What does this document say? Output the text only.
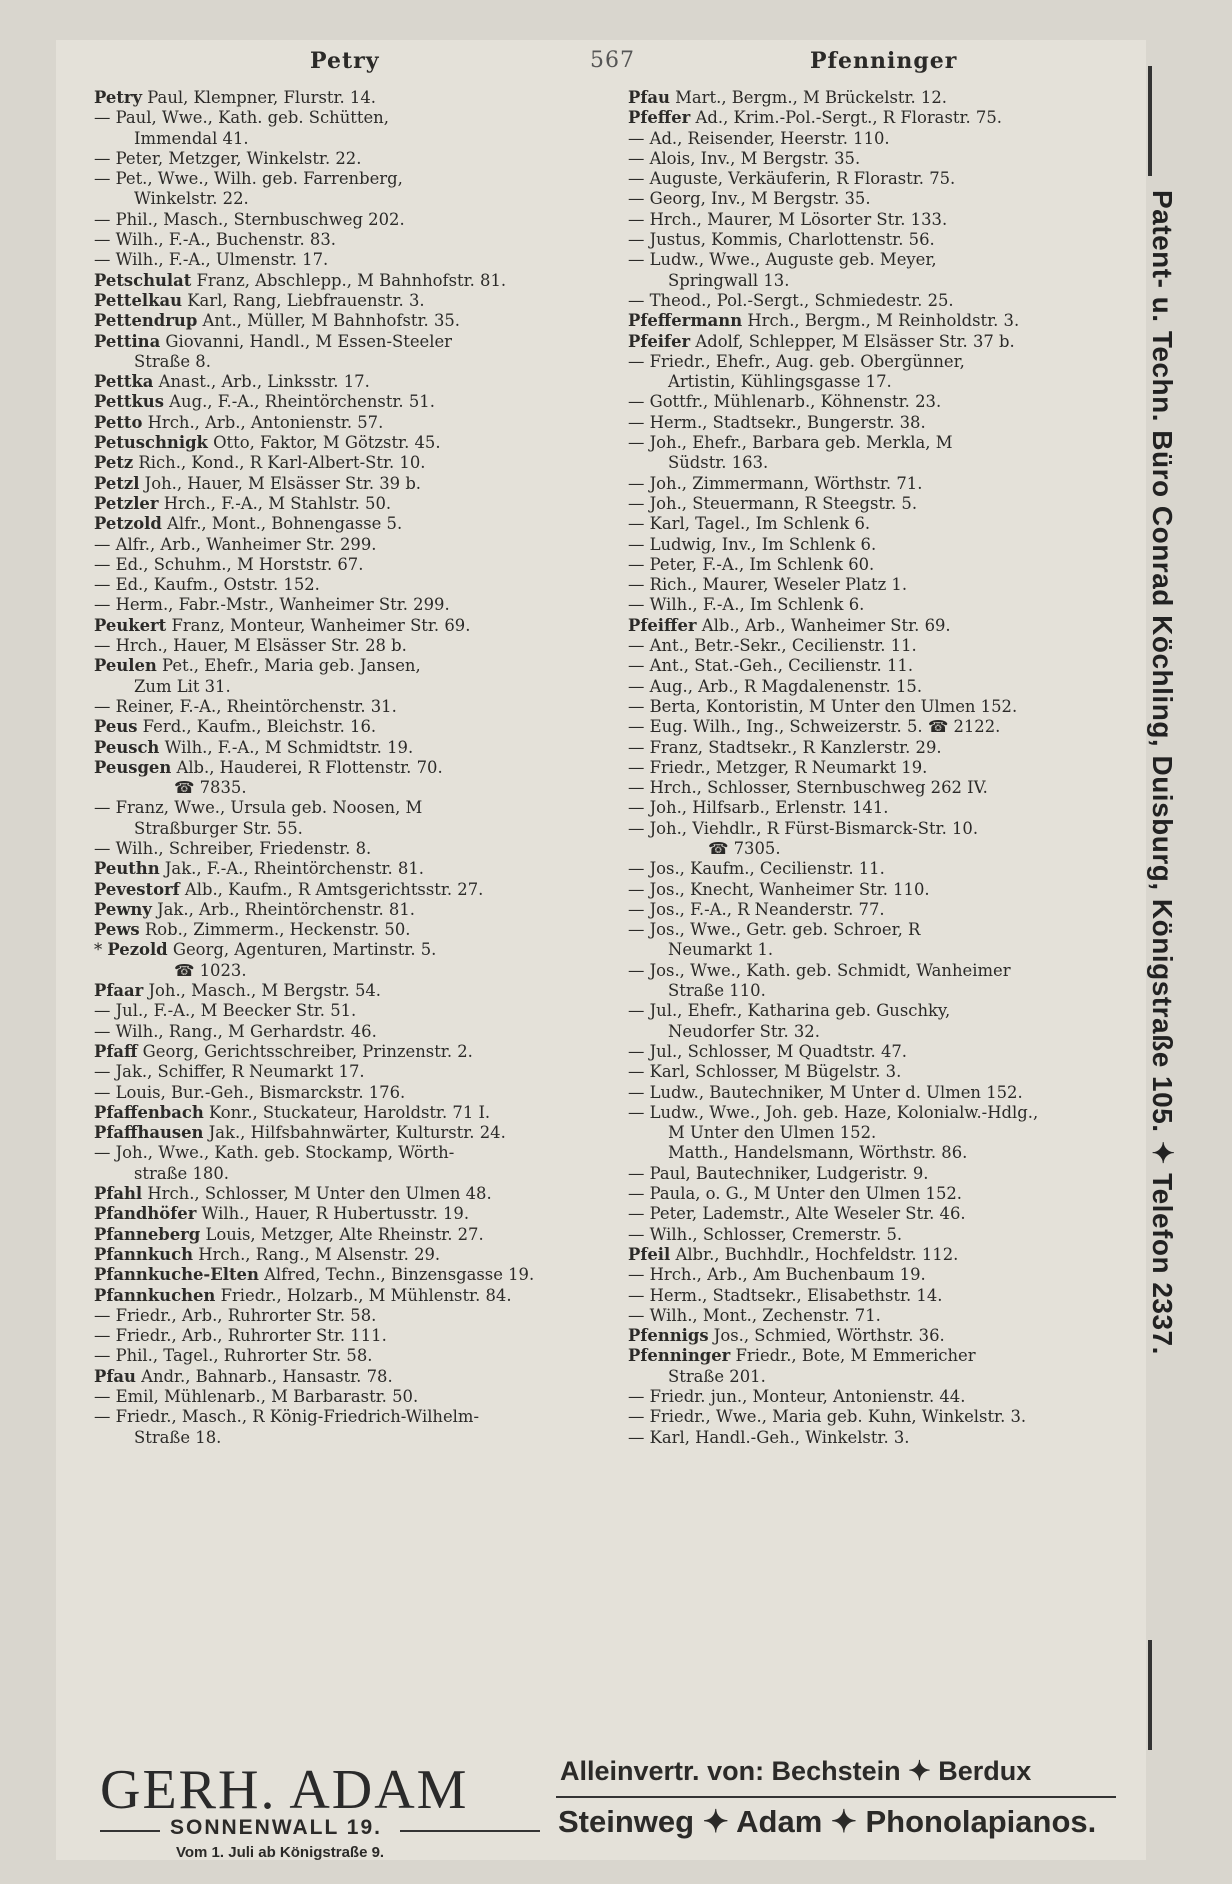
Petry	567	Pfenninger
Petry Paul, Klempner, Flurstr. 14.
— Paul, Wwe., Kath. geb. Schütten,
Immendal 41.
— Peter, Metzger, Winkelstr. 22.
— Pet., Wwe., Wilh. geb. Farrenberg,
Winkelstr. 22.
— Phil., Masch., Sternbuschweg 202.
— Wilh., F.-A., Buchenstr. 83.
— Wilh., F.-A., Ulmenstr. 17.
Petschulat Franz, Abschlepp., M Bahnhofstr. 81.
Pettelkau Karl, Rang, Liebfrauenstr. 3.
Pettendrup Ant., Müller, M Bahnhofstr. 35.
Pettina Giovanni, Handl., M Essen-Steeler
Straße 8.
Pettka Anast., Arb., Linksstr. 17.
Pettkus Aug., F.-A., Rheintörchenstr. 51.
Petto Hrch., Arb., Antonienstr. 57.
Petuschnigk Otto, Faktor, M Götzstr. 45.
Petz Rich., Kond., R Karl-Albert-Str. 10.
Petzl Joh., Hauer, M Elsässer Str. 39 b.
Petzler Hrch., F.-A., M Stahlstr. 50.
Petzold Alfr., Mont., Bohnengasse 5.
— Alfr., Arb., Wanheimer Str. 299.
— Ed., Schuhm., M Horststr. 67.
— Ed., Kaufm., Oststr. 152.
— Herm., Fabr.-Mstr., Wanheimer Str. 299.
Peukert Franz, Monteur, Wanheimer Str. 69.
— Hrch., Hauer, M Elsässer Str. 28 b.
Peulen Pet., Ehefr., Maria geb. Jansen,
Zum Lit 31.
— Reiner, F.-A., Rheintörchenstr. 31.
Peus Ferd., Kaufm., Bleichstr. 16.
Peusch Wilh., F.-A., M Schmidtstr. 19.
Peusgen Alb., Hauderei, R Flottenstr. 70.
☎ 7835.
— Franz, Wwe., Ursula geb. Noosen, M
Straßburger Str. 55.
— Wilh., Schreiber, Friedenstr. 8.
Peuthn Jak., F.-A., Rheintörchenstr. 81.
Pevestorf Alb., Kaufm., R Amtsgerichtsstr. 27.
Pewny Jak., Arb., Rheintörchenstr. 81.
Pews Rob., Zimmerm., Heckenstr. 50.
* Pezold Georg, Agenturen, Martinstr. 5.
☎ 1023.
Pfaar Joh., Masch., M Bergstr. 54.
— Jul., F.-A., M Beecker Str. 51.
— Wilh., Rang., M Gerhardstr. 46.
Pfaff Georg, Gerichtsschreiber, Prinzenstr. 2.
— Jak., Schiffer, R Neumarkt 17.
— Louis, Bur.-Geh., Bismarckstr. 176.
Pfaffenbach Konr., Stuckateur, Haroldstr. 71 I.
Pfaffhausen Jak., Hilfsbahnwärter, Kulturstr. 24.
— Joh., Wwe., Kath. geb. Stockamp, Wörth-
straße 180.
Pfahl Hrch., Schlosser, M Unter den Ulmen 48.
Pfandhöfer Wilh., Hauer, R Hubertusstr. 19.
Pfanneberg Louis, Metzger, Alte Rheinstr. 27.
Pfannkuch Hrch., Rang., M Alsenstr. 29.
Pfannkuche-Elten Alfred, Techn., Binzensgasse 19.
Pfannkuchen Friedr., Holzarb., M Mühlenstr. 84.
— Friedr., Arb., Ruhrorter Str. 58.
— Friedr., Arb., Ruhrorter Str. 111.
— Phil., Tagel., Ruhrorter Str. 58.
Pfau Andr., Bahnarb., Hansastr. 78.
— Emil, Mühlenarb., M Barbarastr. 50.
— Friedr., Masch., R König-Friedrich-Wilhelm-
Straße 18.
Pfau Mart., Bergm., M Brückelstr. 12.
Pfeffer Ad., Krim.-Pol.-Sergt., R Florastr. 75.
— Ad., Reisender, Heerstr. 110.
— Alois, Inv., M Bergstr. 35.
— Auguste, Verkäuferin, R Florastr. 75.
— Georg, Inv., M Bergstr. 35.
— Hrch., Maurer, M Lösorter Str. 133.
— Justus, Kommis, Charlottenstr. 56.
— Ludw., Wwe., Auguste geb. Meyer,
Springwall 13.
— Theod., Pol.-Sergt., Schmiedestr. 25.
Pfeffermann Hrch., Bergm., M Reinholdstr. 3.
Pfeifer Adolf, Schlepper, M Elsässer Str. 37 b.
— Friedr., Ehefr., Aug. geb. Obergünner,
Artistin, Kühlingsgasse 17.
— Gottfr., Mühlenarb., Köhnenstr. 23.
— Herm., Stadtsekr., Bungerstr. 38.
— Joh., Ehefr., Barbara geb. Merkla, M
Südstr. 163.
— Joh., Zimmermann, Wörthstr. 71.
— Joh., Steuermann, R Steegstr. 5.
— Karl, Tagel., Im Schlenk 6.
— Ludwig, Inv., Im Schlenk 6.
— Peter, F.-A., Im Schlenk 60.
— Rich., Maurer, Weseler Platz 1.
— Wilh., F.-A., Im Schlenk 6.
Pfeiffer Alb., Arb., Wanheimer Str. 69.
— Ant., Betr.-Sekr., Cecilienstr. 11.
— Ant., Stat.-Geh., Cecilienstr. 11.
— Aug., Arb., R Magdalenenstr. 15.
— Berta, Kontoristin, M Unter den Ulmen 152.
— Eug. Wilh., Ing., Schweizerstr. 5. ☎ 2122.
— Franz, Stadtsekr., R Kanzlerstr. 29.
— Friedr., Metzger, R Neumarkt 19.
— Hrch., Schlosser, Sternbuschweg 262 IV.
— Joh., Hilfsarb., Erlenstr. 141.
— Joh., Viehdlr., R Fürst-Bismarck-Str. 10.
☎ 7305.
— Jos., Kaufm., Cecilienstr. 11.
— Jos., Knecht, Wanheimer Str. 110.
— Jos., F.-A., R Neanderstr. 77.
— Jos., Wwe., Getr. geb. Schroer, R
Neumarkt 1.
— Jos., Wwe., Kath. geb. Schmidt, Wanheimer
Straße 110.
— Jul., Ehefr., Katharina geb. Guschky,
Neudorfer Str. 32.
— Jul., Schlosser, M Quadtstr. 47.
— Karl, Schlosser, M Bügelstr. 3.
— Ludw., Bautechniker, M Unter d. Ulmen 152.
— Ludw., Wwe., Joh. geb. Haze, Kolonialw.-Hdlg.,
M Unter den Ulmen 152.
Matth., Handelsmann, Wörthstr. 86.
— Paul, Bautechniker, Ludgeristr. 9.
— Paula, o. G., M Unter den Ulmen 152.
— Peter, Lademstr., Alte Weseler Str. 46.
— Wilh., Schlosser, Cremerstr. 5.
Pfeil Albr., Buchhdlr., Hochfeldstr. 112.
— Hrch., Arb., Am Buchenbaum 19.
— Herm., Stadtsekr., Elisabethstr. 14.
— Wilh., Mont., Zechenstr. 71.
Pfennigs Jos., Schmied, Wörthstr. 36.
Pfenninger Friedr., Bote, M Emmericher
Straße 201.
— Friedr. jun., Monteur, Antonienstr. 44.
— Friedr., Wwe., Maria geb. Kuhn, Winkelstr. 3.
— Karl, Handl.-Geh., Winkelstr. 3.
Patent- u. Techn. Büro Conrad Köchling, Duisburg, Königstraße 105. ✦ Telefon 2337.
GERH. ADAM
SONNENWALL 19.
Vom 1. Juli ab Königstraße 9.
Alleinvertr. von: Bechstein ✦ Berdux
Steinweg ✦ Adam ✦ Phonolapianos.
